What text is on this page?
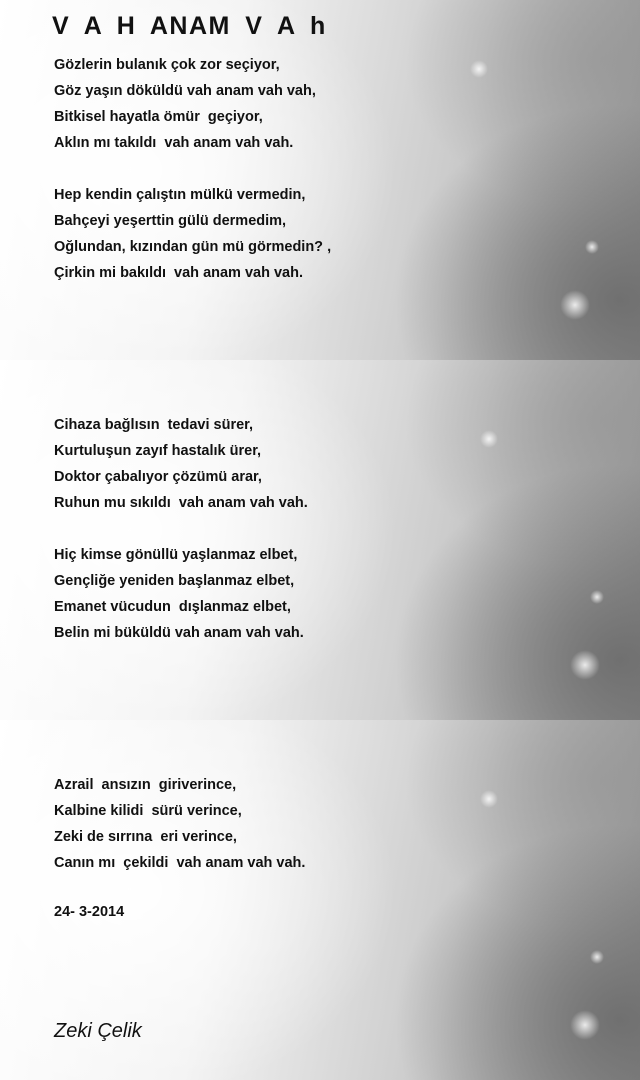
V A H ANAM V A h
Gözlerin bulanık çok zor seçiyor,
Göz yaşın döküldü vah anam vah vah,
Bitkisel hayatla ömür  geçiyor,
Aklın mı takıldı  vah anam vah vah.
Hep kendin çalıştın mülkü vermedin,
Bahçeyi yeşerttin gülü dermedim,
Oğlundan, kızından gün mü görmedin? ,
Çirkin mi bakıldı  vah anam vah vah.
Cihaza bağlısın  tedavi sürer,
Kurtuluşun zayıf hastalık ürer,
Doktor çabalıyor çözümü arar,
Ruhun mu sıkıldı  vah anam vah vah.
Hiç kimse gönüllü yaşlanmaz elbet,
Gençliğe yeniden başlanmaz elbet,
Emanet vücudun  dışlanmaz elbet,
Belin mi büküldü vah anam vah vah.
Azrail  ansızın  giriverince,
Kalbine kilidi  sürü verince,
Zeki de sırrına  eri verince,
Canın mı  çekildi  vah anam vah vah.
24- 3-2014
Zeki Çelik
